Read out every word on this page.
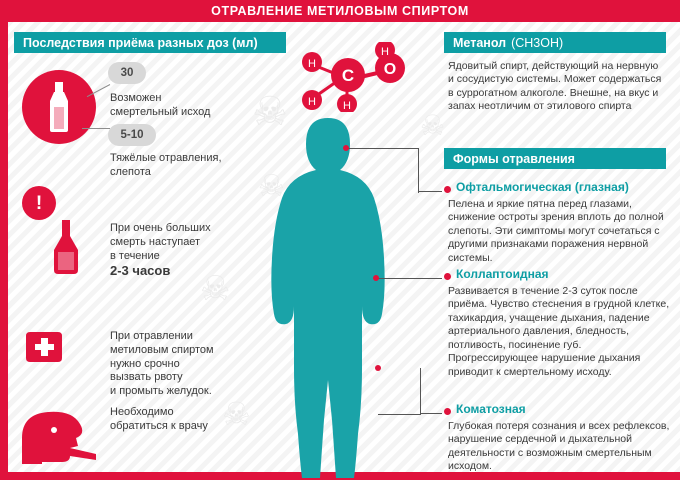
ОТРАВЛЕНИЕ МЕТИЛОВЫМ СПИРТОМ
☠
☠
☠
☠
☠
Последствия приёма разных доз (мл)	Метанол (CH3OH)
Формы отравления
H
H H
H
C O
30
Возможен
смертельный исход
5-10
Тяжёлые отравления,
слепота
!
При очень больших
смерть наступает
в течение
2-3 часов
При отравлении
метиловым спиртом
нужно срочно
вызвать рвоту
и промыть желудок.
Необходимо
обратиться к врачу
Ядовитый спирт, действующий на нервную и сосудистую системы. Может содержаться в суррогатном алкоголе. Внешне, на вкус и запах неотличим от этилового спирта
Офтальмогическая (глазная)
Пелена и яркие пятна перед глазами, снижение остроты зрения вплоть до полной слепоты. Эти симптомы могут сочетаться с другими признаками поражения нервной системы.
Коллаптоидная
Развивается в течение 2-3 суток после приёма. Чувство стеснения в грудной клетке, тахикардия, учащение дыхания, падение артериального давления, бледность, потливость, посинение губ. Прогрессирующее нарушение дыхания приводит к смертельному исходу.
Коматозная
Глубокая потеря сознания и всех рефлексов, нарушение сердечной и дыхательной деятельности с возможным смертельным исходом.
